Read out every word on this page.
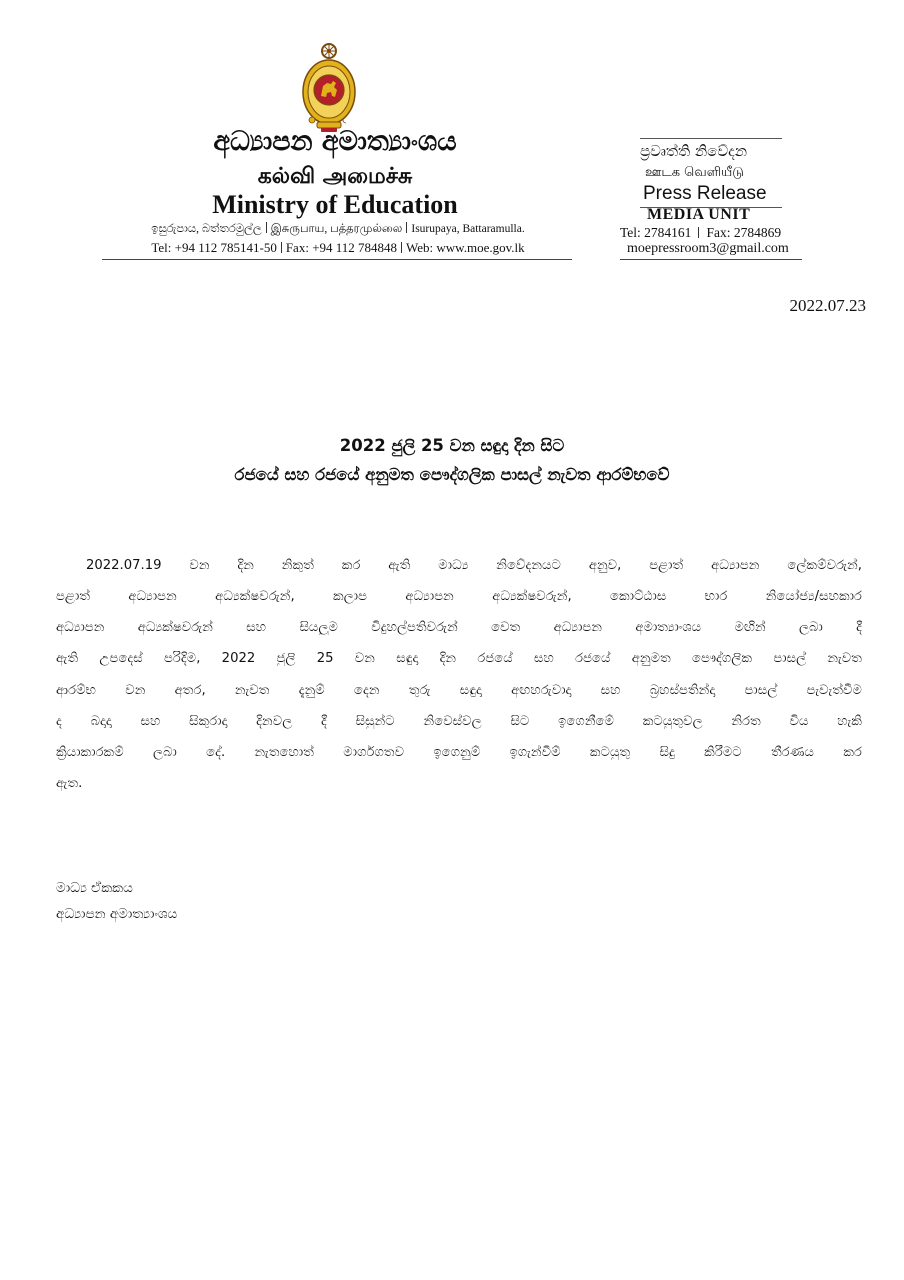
අධ්‍යාපන අමාත්‍යාංශය
கல்வி அமைச்சு
Ministry of Education
ඉසුරුපාය, බත්තරමුල්ල இசுருபாய, பத்தரமுல்லை Isurupaya, Battaramulla.
Tel: +94 112 785141-50 Fax: +94 112 784848 Web: www.moe.gov.lk
ප්‍රවෘත්ති නිවේදන
ஊடக வெளியீடு
Press Release
MEDIA UNIT
Tel: 2784161 Fax: 2784869
moepressroom3@gmail.com
2022.07.23
2022 ජුලි 25 වන සඳුදා දින සිට
රජයේ සහ රජයේ අනුමත පෞද්ගලික පාසල් නැවත ආරම්භවේ
2022.07.19 වන දින නිකුත් කර ඇති මාධ්‍ය නිවේදනයට අනුව, පළාත් අධ්‍යාපන ලේකම්වරුන්,
පළාත් අධ්‍යාපන අධ්‍යක්ෂවරුන්, කලාප අධ්‍යාපන අධ්‍යක්ෂවරුන්, කොට්ඨාස භාර නියෝජ්‍ය/සහකාර
අධ්‍යාපන අධ්‍යක්ෂවරුන් සහ සියලුම විදුහල්පතිවරුන් වෙත අධ්‍යාපන අමාත්‍යාංශය මඟින් ලබා දී
ඇති උපදෙස් පරිදිම, 2022 ජුලි 25 වන සඳුදා දින රජයේ සහ රජයේ අනුමත පෞද්ගලික පාසල් නැවත
ආරම්භ වන අතර, නැවත දැනුම් දෙන තුරු සඳුදා අඟහරුවාදා සහ බ්‍රහස්පතින්දා පාසල් පැවැත්වීම
ද බදාදා සහ සිකුරාදා දිනවල දී සිසුන්ට නිවෙස්වල සිට ඉගෙනීමේ කටයුතුවල නිරත විය හැකි
ක්‍රියාකාරකම් ලබා දේ. නැතහොත් මාර්ගගතව ඉගෙනුම් ඉගැන්වීම් කටයුතු සිදු කිරීමට තීරණය කර
ඇත.
මාධ්‍ය ඒකකය
අධ්‍යාපන අමාත්‍යාංශය
